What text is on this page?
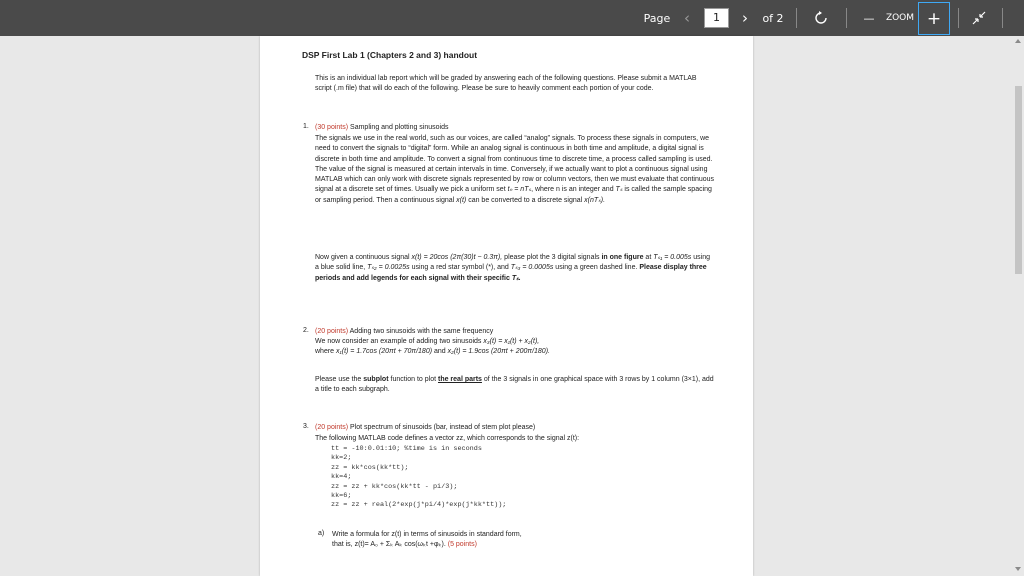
Page ‹	1	›	of 2	—	ZOOM +
DSP First Lab 1 (Chapters 2 and 3) handout
This is an individual lab report which will be graded by answering each of the following questions. Please submit a MATLAB script (.m file) that will do each of the following. Please be sure to heavily comment each portion of your code.
1. (30 points) Sampling and plotting sinusoids
The signals we use in the real world, such as our voices, are called “analog” signals. To process these signals in computers, we need to convert the signals to “digital” form. While an analog signal is continuous in both time and amplitude, a digital signal is discrete in both time and amplitude. To convert a signal from continuous time to discrete time, a process called sampling is used. The value of the signal is measured at certain intervals in time. Conversely, if we actually want to plot a continuous signal using MATLAB which can only work with discrete signals represented by row or column vectors, then we must evaluate that continuous signal at a discrete set of times. Usually we pick a uniform set tₙ = nTₛ, where n is an integer and Tₛ is called the sample spacing or sampling period. Then a continuous signal x(t) can be converted to a discrete signal x(nTₛ).
Now given a continuous signal x(t) = 20cos (2π(30)t − 0.3π), please plot the 3 digital signals in one figure at Tₛ₁ = 0.005s using a blue solid line, Tₛ₂ = 0.0025s using a red star symbol (*), and Tₛ₃ = 0.0005s using a green dashed line. Please display three periods and add legends for each signal with their specific Tₛ.
2. (20 points) Adding two sinusoids with the same frequency
We now consider an example of adding two sinusoids x₃(t) = x₁(t) + x₂(t),
where x₁(t) = 1.7cos (20πt + 70π/180) and x₂(t) = 1.9cos (20πt + 200π/180).
Please use the subplot function to plot the real parts of the 3 signals in one graphical space with 3 rows by 1 column (3×1), add a title to each subgraph.
3. (20 points) Plot spectrum of sinusoids (bar, instead of stem plot please)
The following MATLAB code defines a vector zz, which corresponds to the signal z(t):
tt = -10:0.01:10; %time is in seconds
kk=2;
zz = kk*cos(kk*tt);
kk=4;
zz = zz + kk*cos(kk*tt - pi/3);
kk=6;
zz = zz + real(2*exp(j*pi/4)*exp(j*kk*tt));
a) Write a formula for z(t) in terms of sinusoids in standard form,
that is, z(t)= A₀ + Σₖ Aₖ cos(ωₖt +φₖ). (5 points)
